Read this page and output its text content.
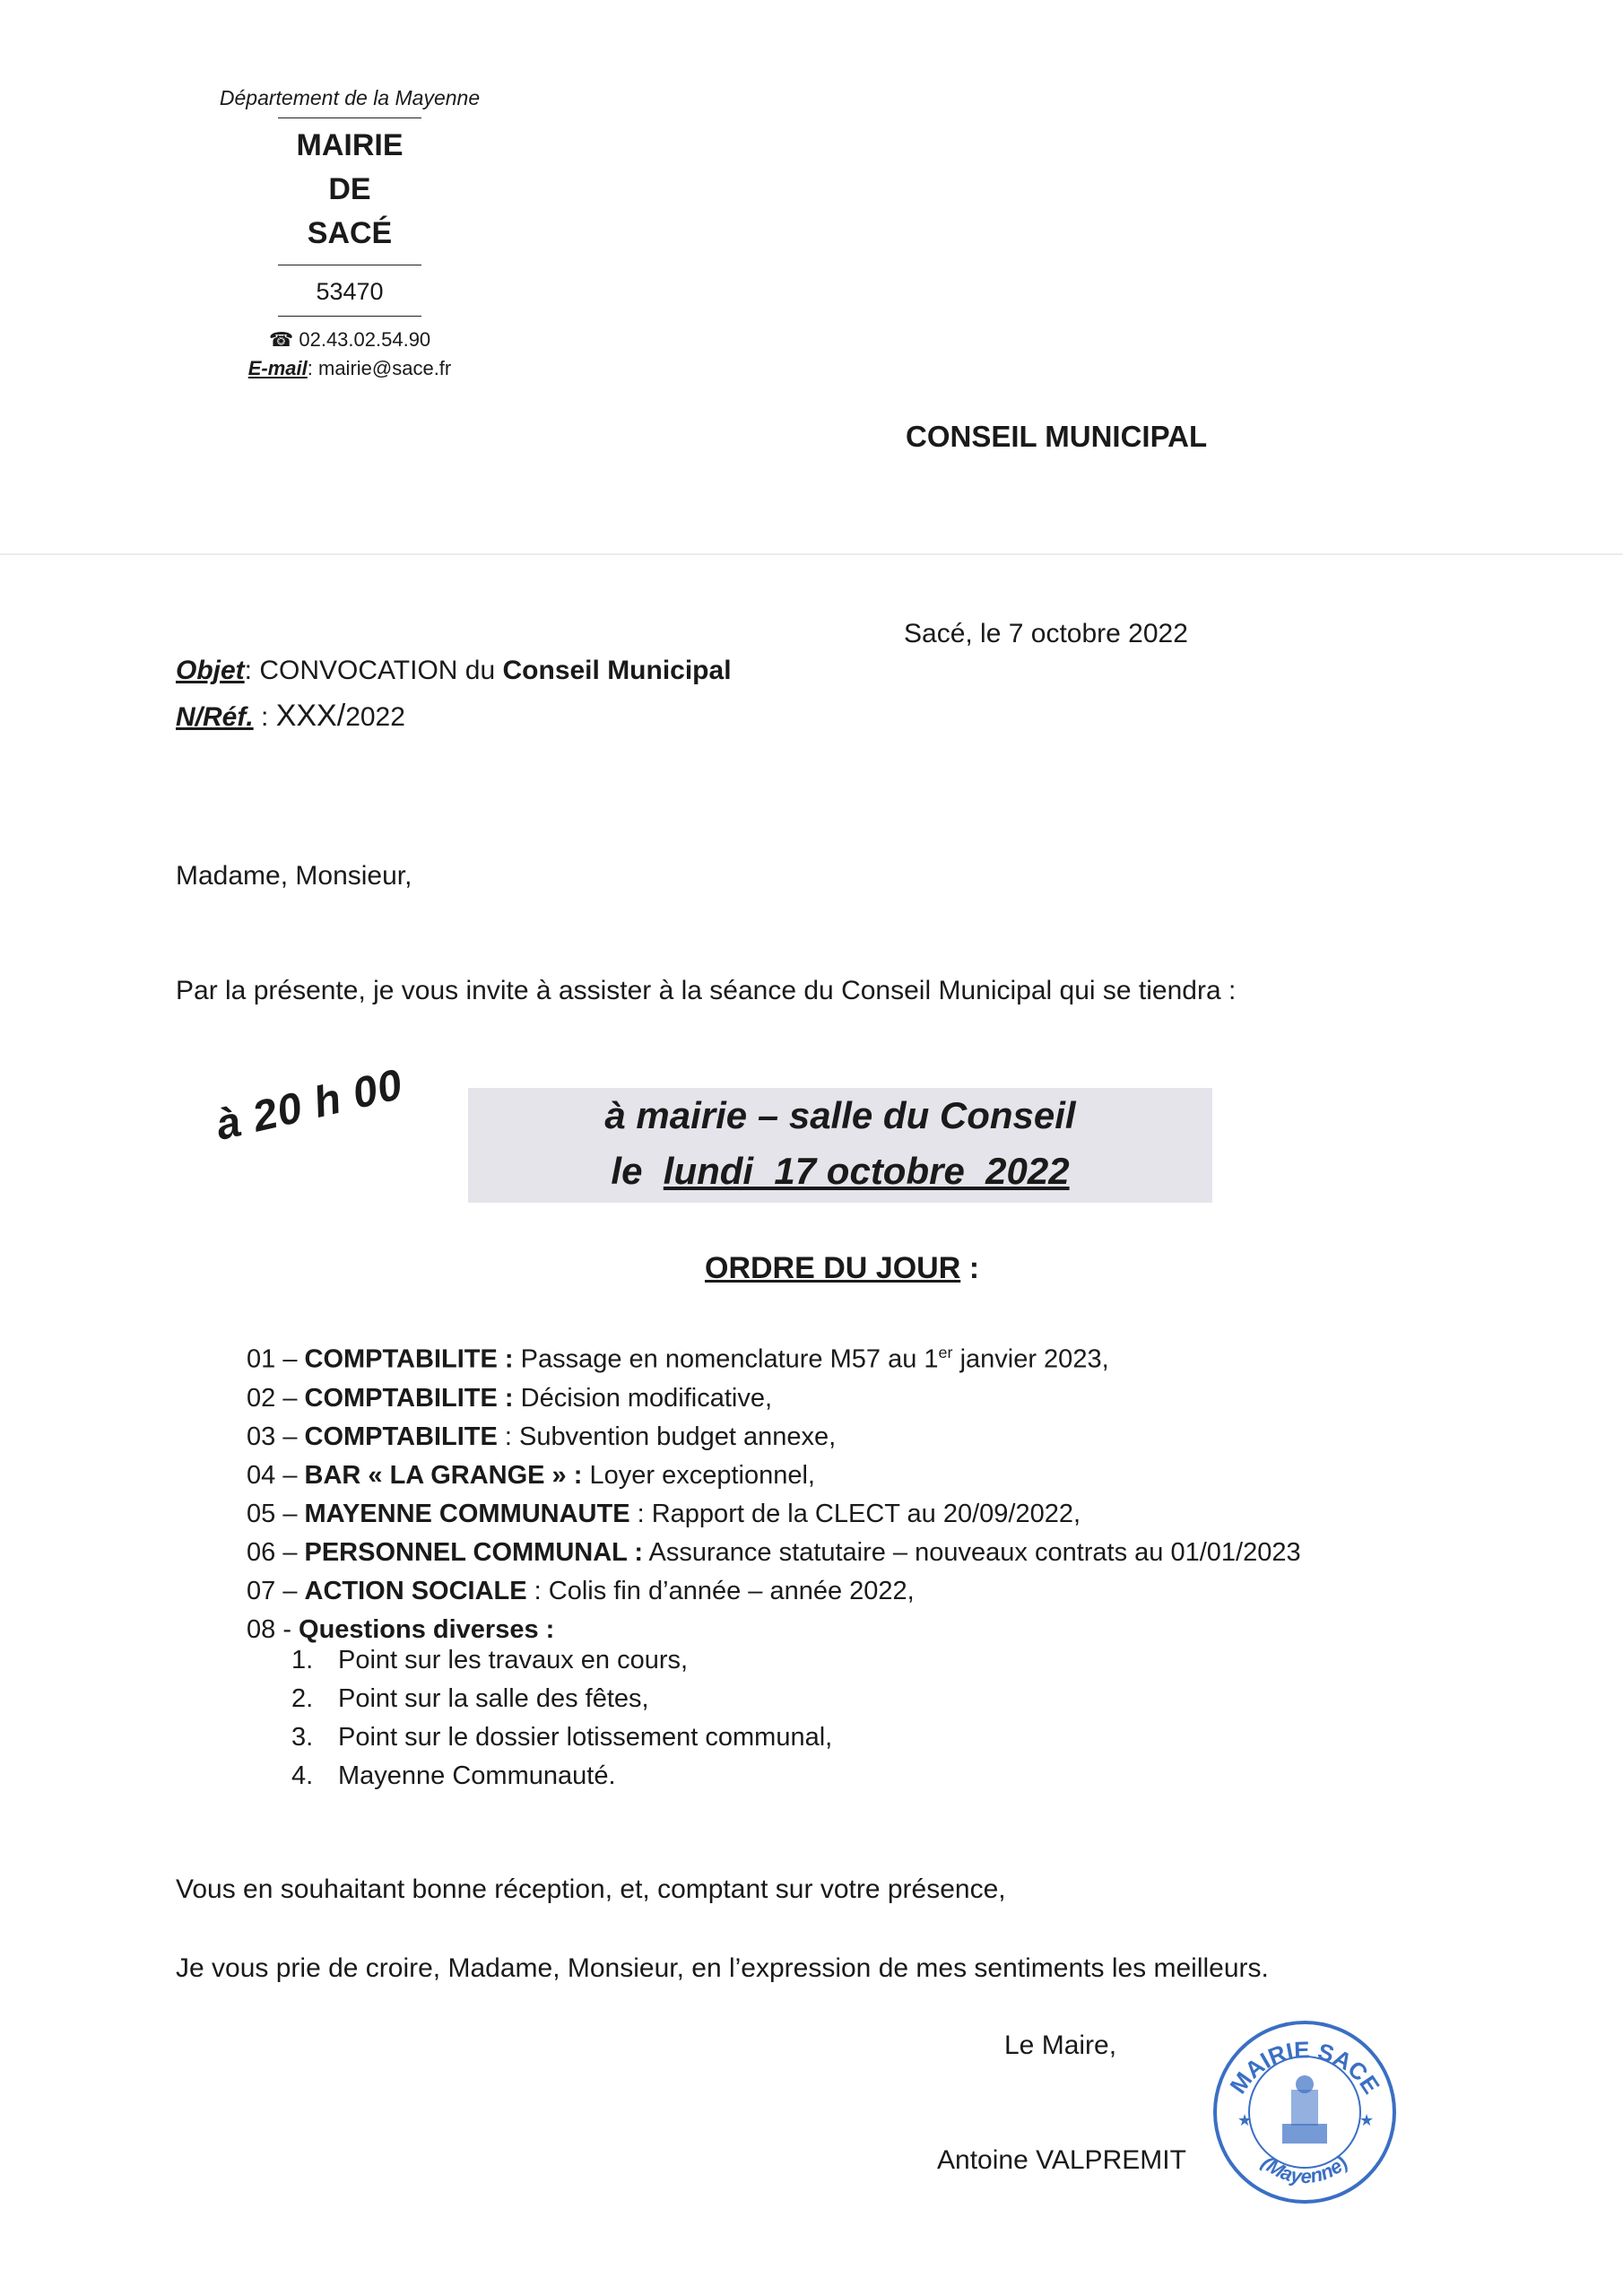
Département de la Mayenne
MAIRIE
DE
SACÉ
53470
☎ 02.43.02.54.90
E-mail: mairie@sace.fr
CONSEIL MUNICIPAL
Sacé, le 7 octobre 2022
Objet: CONVOCATION du Conseil Municipal
N/Réf. : XXX/2022
Madame, Monsieur,
Par la présente, je vous invite à assister à la séance du Conseil Municipal qui se tiendra :
à 20 h 00	à mairie – salle du Conseil
le  lundi  17 octobre  2022
ORDRE DU JOUR :
01 – COMPTABILITE : Passage en nomenclature M57 au 1er janvier 2023,
02 – COMPTABILITE : Décision modificative,
03 – COMPTABILITE : Subvention budget annexe,
04 – BAR « LA GRANGE » : Loyer exceptionnel,
05 – MAYENNE COMMUNAUTE : Rapport de la CLECT au 20/09/2022,
06 – PERSONNEL COMMUNAL : Assurance statutaire – nouveaux contrats au 01/01/2023
07 – ACTION SOCIALE : Colis fin d’année – année 2022,
08 - Questions diverses :
1. Point sur les travaux en cours,
2. Point sur la salle des fêtes,
3. Point sur le dossier lotissement communal,
4. Mayenne Communauté.
Vous en souhaitant bonne réception, et, comptant sur votre présence,
Je vous prie de croire, Madame, Monsieur, en l’expression de mes sentiments les meilleurs.
Le Maire,
Antoine VALPREMIT
MAIRIE SACE
(Mayenne)
★	★
